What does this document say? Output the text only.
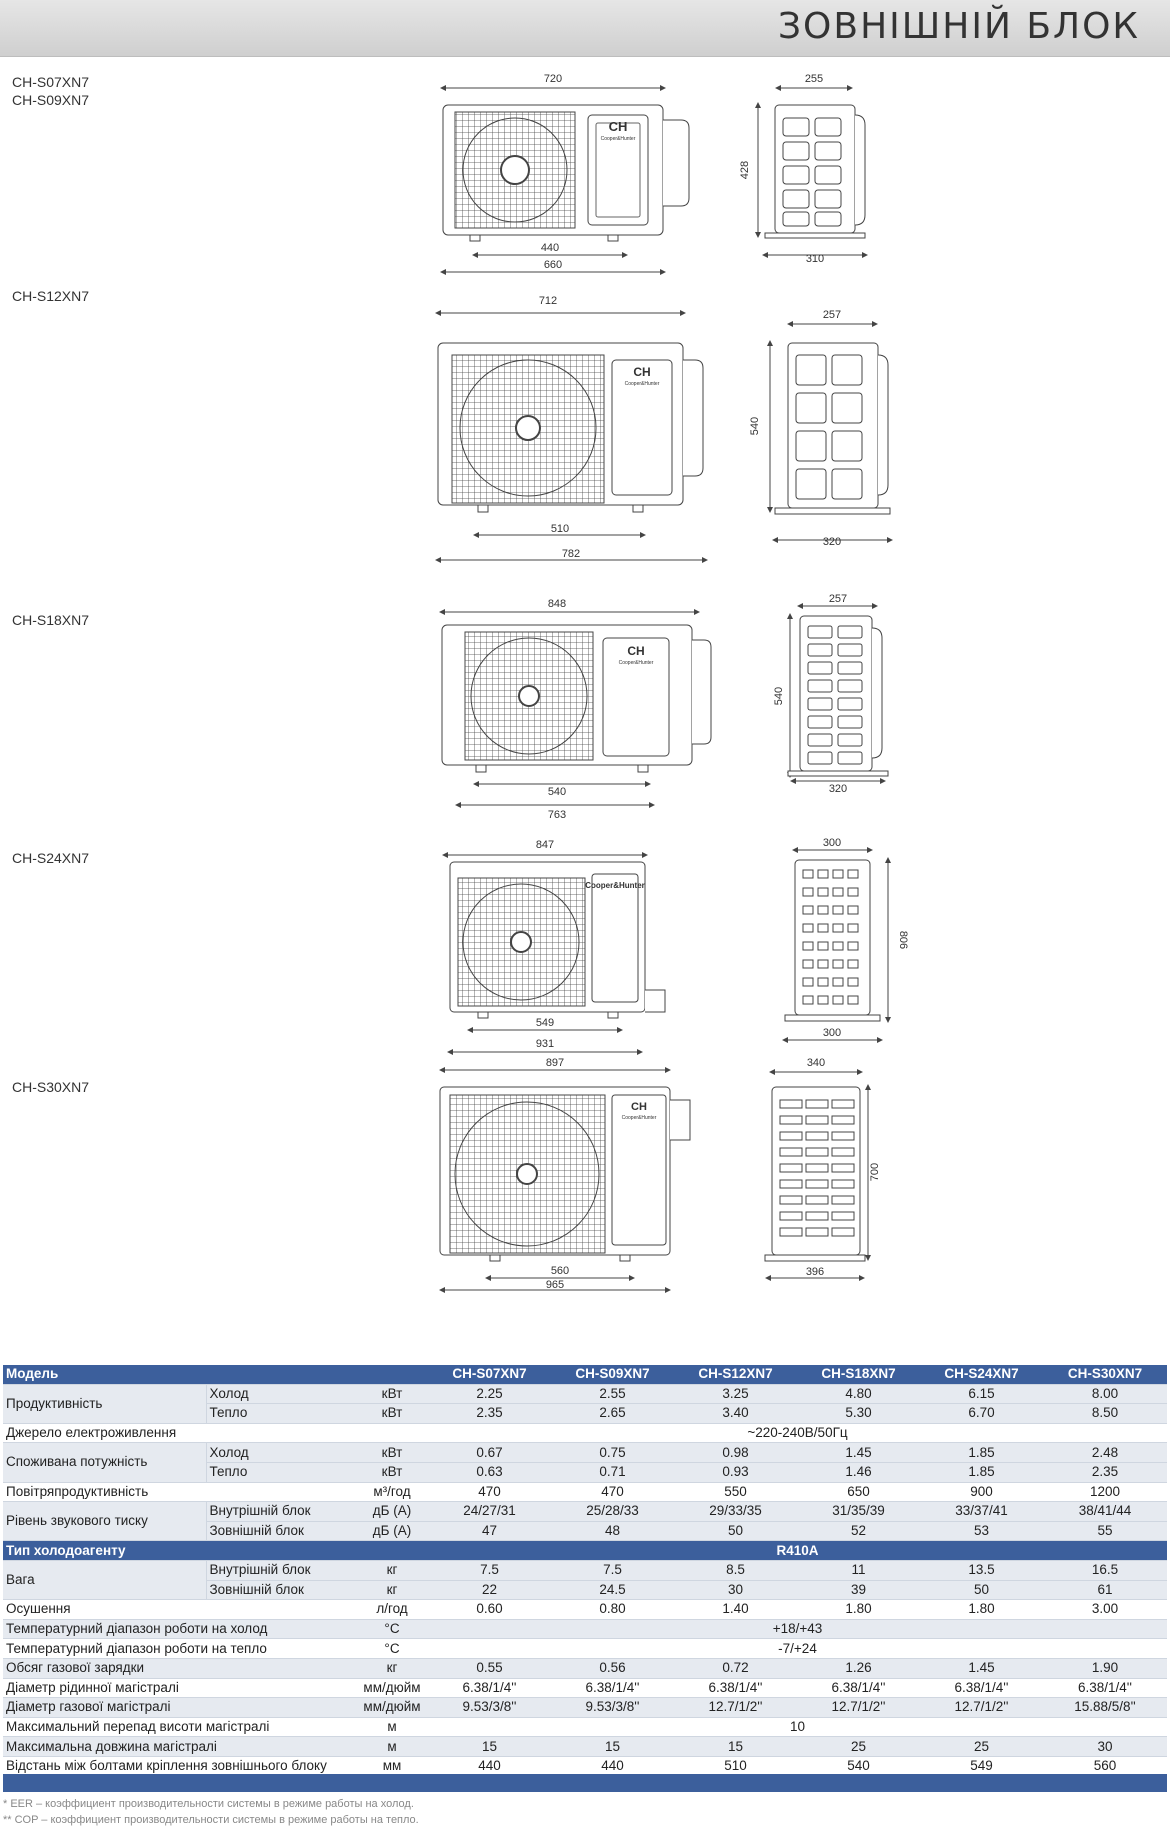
ЗОВНІШНІЙ БЛОК
CH-S07XN7
CH-S09XN7
CH-S12XN7
CH-S18XN7
CH-S24XN7
CH-S30XN7
720
CH
Cooper&Hunter
440
660
255
428
310
712
CH
Cooper&Hunter
510
782
257
540
320
848
CH
Cooper&Hunter
540
763
257
540
320
847
Cooper&Hunter
549
931
300
806
300
897
CH
Cooper&Hunter
560
965
340
700
396
Модель			CH-S07XN7	CH-S09XN7	CH-S12XN7	CH-S18XN7	CH-S24XN7	CH-S30XN7
Продуктивність	Холод	кВт	2.25	2.55	3.25	4.80	6.15	8.00
	Тепло	кВт	2.35	2.65	3.40	5.30	6.70	8.50
Джерело електроживлення			~220-240В/50Гц					
Споживана потужність	Холод	кВт	0.67	0.75	0.98	1.45	1.85	2.48
	Тепло	кВт	0.63	0.71	0.93	1.46	1.85	2.35
Повітряпродуктивність		м³/год	470	470	550	650	900	1200
Рівень звукового тиску	Внутрішній блок	дБ (А)	24/27/31	25/28/33	29/33/35	31/35/39	33/37/41	38/41/44
	Зовнішній блок	дБ (А)	47	48	50	52	53	55
Тип холодоагенту			R410A					
Вага	Внутрішній блок	кг	7.5	7.5	8.5	11	13.5	16.5
	Зовнішній блок	кг	22	24.5	30	39	50	61
Осушення		л/год	0.60	0.80	1.40	1.80	1.80	3.00
Температурний діапазон роботи на холод		°C	+18/+43					
Температурний діапазон роботи на тепло		°C	-7/+24					
Обсяг газової зарядки		кг	0.55	0.56	0.72	1.26	1.45	1.90
Діаметр рідинної магістралі		мм/дюйм	6.38/1/4''	6.38/1/4''	6.38/1/4''	6.38/1/4''	6.38/1/4''	6.38/1/4''
Діаметр газової магістралі		мм/дюйм	9.53/3/8''	9.53/3/8''	12.7/1/2''	12.7/1/2''	12.7/1/2''	15.88/5/8''
Максимальний перепад висоти магістралі		м	10					
Максимальна довжина магістралі		м	15	15	15	25	25	30
Відстань між болтами кріплення зовнішнього блоку		мм	440	440	510	540	549	560
* EER – коэффициент производительности системы в режиме работы на холод.
** COP – коэффициент производительности системы в режиме работы на тепло.
